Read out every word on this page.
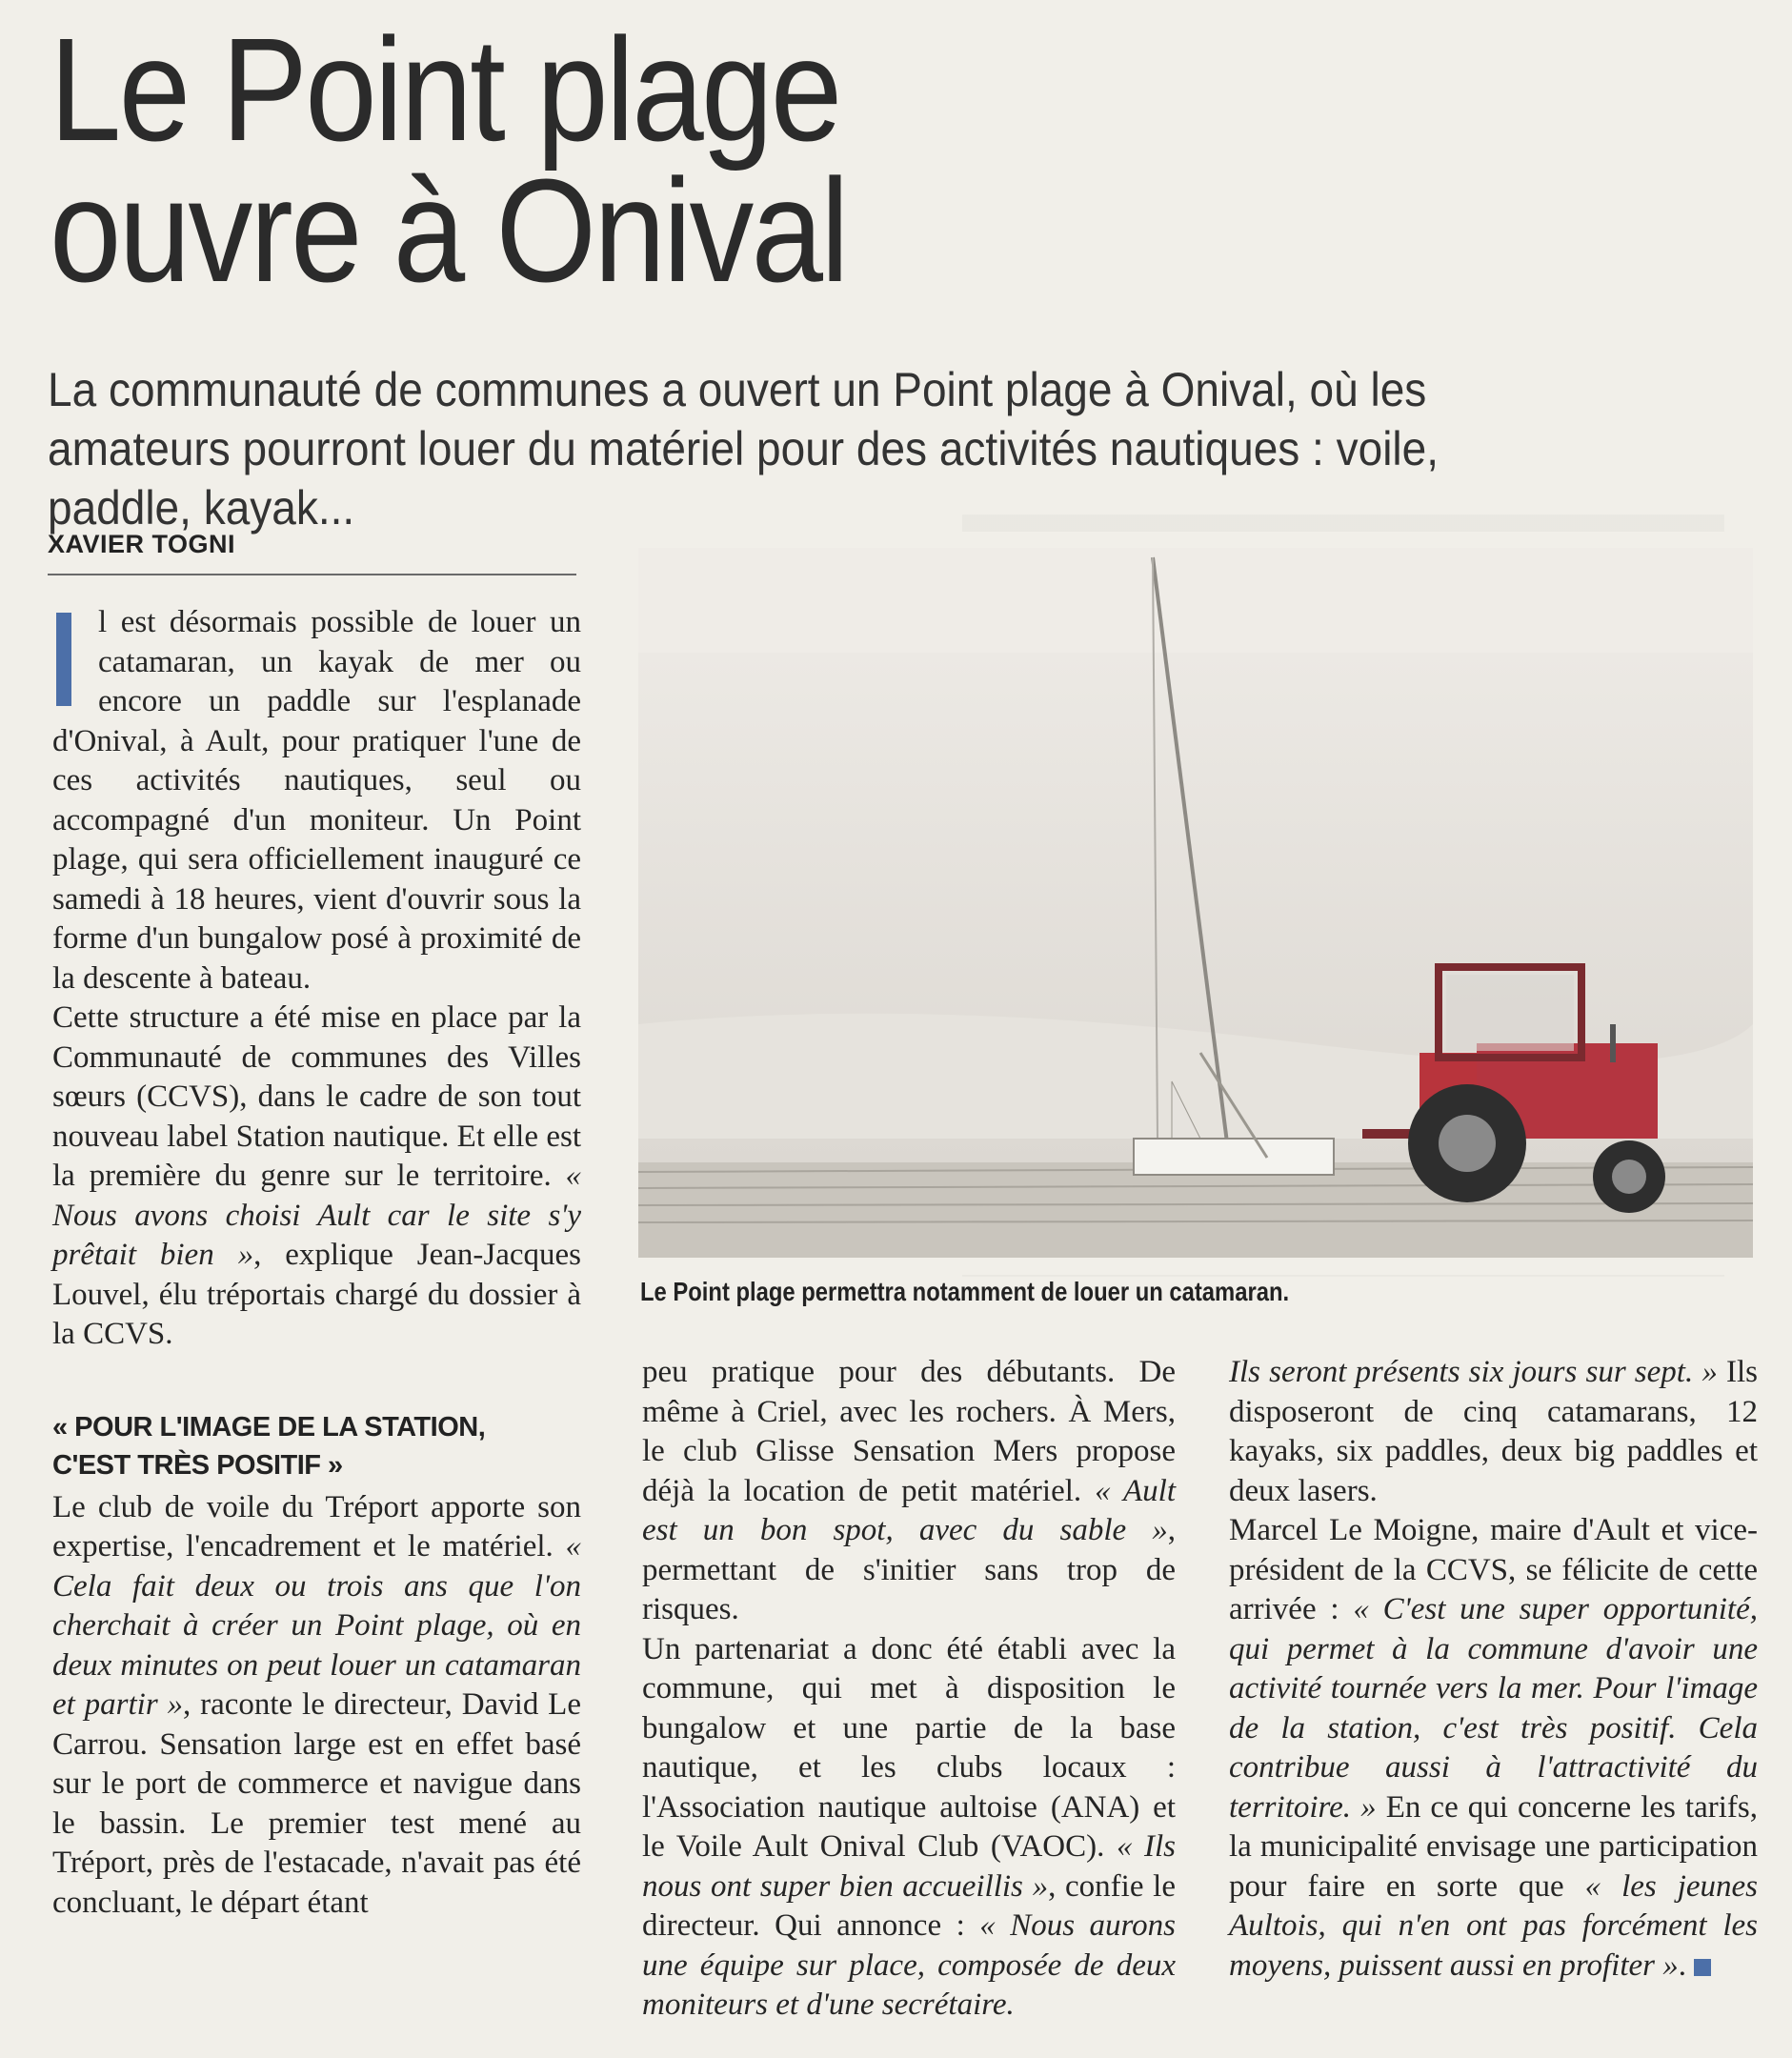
Le Point plage
ouvre à Onival

La communauté de communes a ouvert un Point plage à Onival, où les amateurs pourront louer du matériel pour des activités nautiques : voile, paddle, kayak...

XAVIER TOGNI

l est désormais possible de louer un catamaran, un kayak de mer ou encore un paddle sur l'esplanade d'Onival, à Ault, pour pratiquer l'une de ces activités nautiques, seul ou accompagné d'un moniteur. Un Point plage, qui sera officiellement inauguré ce samedi à 18 heures, vient d'ouvrir sous la forme d'un bungalow posé à proximité de la descente à bateau.

Cette structure a été mise en place par la Communauté de communes des Villes sœurs (CCVS), dans le cadre de son tout nouveau label Station nautique. Et elle est la première du genre sur le territoire. « Nous avons choisi Ault car le site s'y prêtait bien », explique Jean-Jacques Louvel, élu tréportais chargé du dossier à la CCVS.

« POUR L'IMAGE DE LA STATION,
C'EST TRÈS POSITIF »

Le club de voile du Tréport apporte son expertise, l'encadrement et le matériel. « Cela fait deux ou trois ans que l'on cherchait à créer un Point plage, où en deux minutes on peut louer un catamaran et partir », raconte le directeur, David Le Carrou. Sensation large est en effet basé sur le port de commerce et navigue dans le bassin. Le premier test mené au Tréport, près de l'estacade, n'avait pas été concluant, le départ étant

Le Point plage permettra notamment de louer un catamaran.

peu pratique pour des débutants. De même à Criel, avec les rochers. À Mers, le club Glisse Sensation Mers propose déjà la location de petit matériel. « Ault est un bon spot, avec du sable », permettant de s'initier sans trop de risques.

Un partenariat a donc été établi avec la commune, qui met à disposition le bungalow et une partie de la base nautique, et les clubs locaux : l'Association nautique aultoise (ANA) et le Voile Ault Onival Club (VAOC). « Ils nous ont super bien accueillis », confie le directeur. Qui annonce : « Nous aurons une équipe sur place, composée de deux moniteurs et d'une secrétaire.

Ils seront présents six jours sur sept. » Ils disposeront de cinq catamarans, 12 kayaks, six paddles, deux big paddles et deux lasers.

Marcel Le Moigne, maire d'Ault et vice-président de la CCVS, se félicite de cette arrivée : « C'est une super opportunité, qui permet à la commune d'avoir une activité tournée vers la mer. Pour l'image de la station, c'est très positif. Cela contribue aussi à l'attractivité du territoire. » En ce qui concerne les tarifs, la municipalité envisage une participation pour faire en sorte que « les jeunes Aultois, qui n'en ont pas forcément les moyens, puissent aussi en profiter ».
